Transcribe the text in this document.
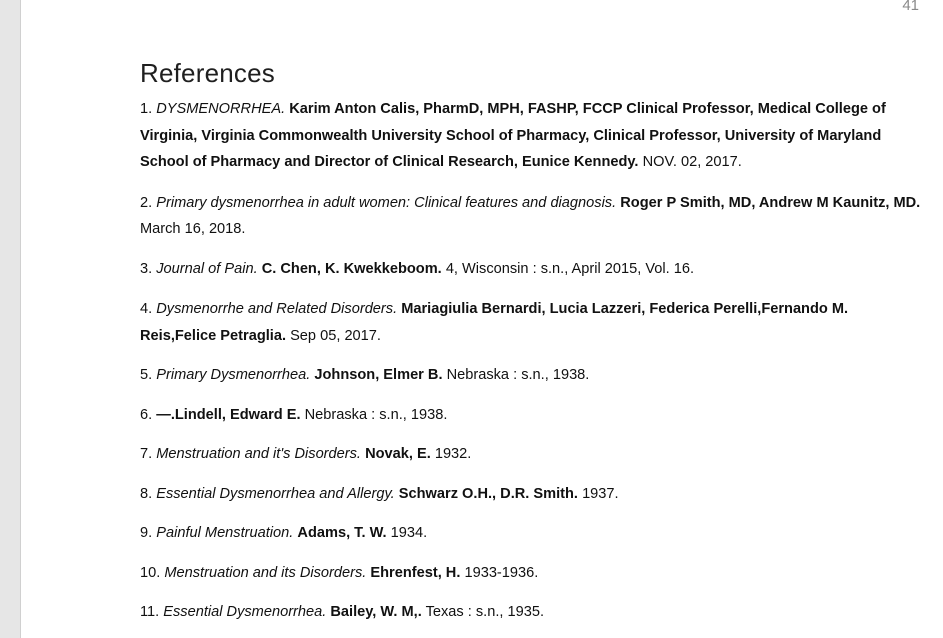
41
References
1. DYSMENORRHEA. Karim Anton Calis, PharmD, MPH, FASHP, FCCP Clinical Professor, Medical College of Virginia, Virginia Commonwealth University School of Pharmacy, Clinical Professor, University of Maryland School of Pharmacy and Director of Clinical Research, Eunice Kennedy. NOV. 02, 2017.
2. Primary dysmenorrhea in adult women: Clinical features and diagnosis. Roger P Smith, MD, Andrew M Kaunitz, MD. March 16, 2018.
3. Journal of Pain. C. Chen, K. Kwekkeboom. 4, Wisconsin : s.n., April 2015, Vol. 16.
4. Dysmenorrhe and Related Disorders. Mariagiulia Bernardi, Lucia Lazzeri, Federica Perelli,Fernando M. Reis,Felice Petraglia. Sep 05, 2017.
5. Primary Dysmenorrhea. Johnson, Elmer B. Nebraska : s.n., 1938.
6. —.Lindell, Edward E. Nebraska : s.n., 1938.
7. Menstruation and it's Disorders. Novak, E. 1932.
8. Essential Dysmenorrhea and Allergy. Schwarz O.H., D.R. Smith. 1937.
9. Painful Menstruation. Adams, T. W. 1934.
10. Menstruation and its Disorders. Ehrenfest, H. 1933-1936.
11. Essential Dysmenorrhea. Bailey, W. M,. Texas : s.n., 1935.
